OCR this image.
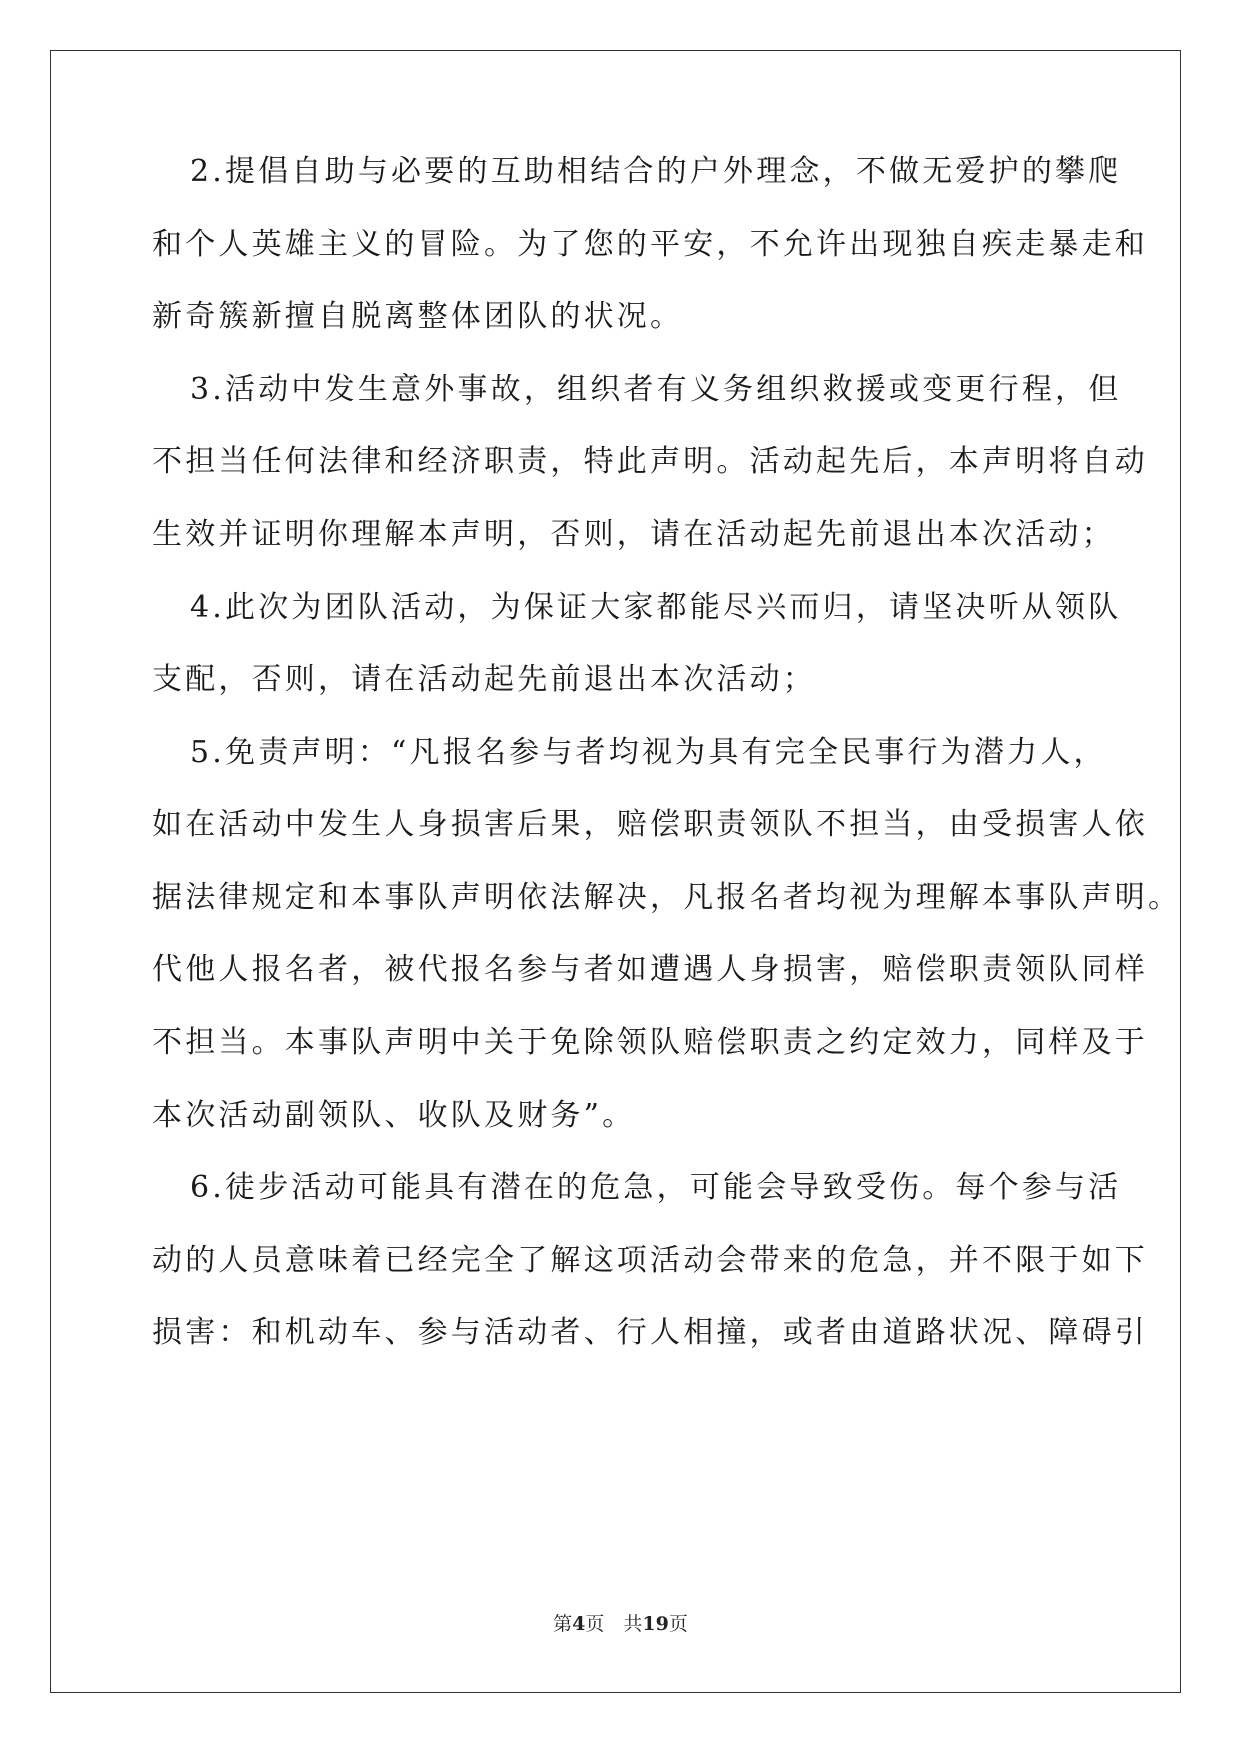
2.提倡自助与必要的互助相结合的户外理念，不做无爱护的攀爬
和个人英雄主义的冒险。为了您的平安，不允许出现独自疾走暴走和
新奇簇新擅自脱离整体团队的状况。
3.活动中发生意外事故，组织者有义务组织救援或变更行程，但
不担当任何法律和经济职责，特此声明。活动起先后，本声明将自动
生效并证明你理解本声明，否则，请在活动起先前退出本次活动；
4.此次为团队活动，为保证大家都能尽兴而归，请坚决听从领队
支配，否则，请在活动起先前退出本次活动；
5.免责声明：“凡报名参与者均视为具有完全民事行为潜力人，
如在活动中发生人身损害后果，赔偿职责领队不担当，由受损害人依
据法律规定和本事队声明依法解决，凡报名者均视为理解本事队声明。
代他人报名者，被代报名参与者如遭遇人身损害，赔偿职责领队同样
不担当。本事队声明中关于免除领队赔偿职责之约定效力，同样及于
本次活动副领队、收队及财务”。
6.徒步活动可能具有潜在的危急，可能会导致受伤。每个参与活
动的人员意味着已经完全了解这项活动会带来的危急，并不限于如下
损害：和机动车、参与活动者、行人相撞，或者由道路状况、障碍引
第4页　共19页
